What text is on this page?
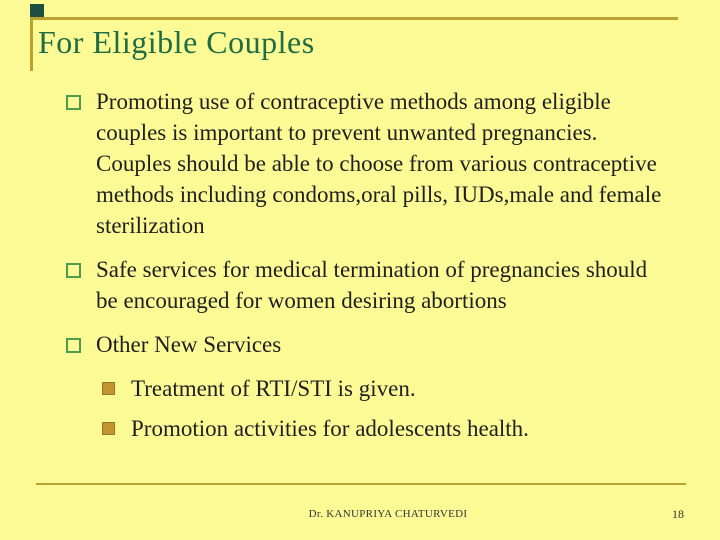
For Eligible Couples
Promoting use of contraceptive methods among eligible couples is important to prevent unwanted pregnancies. Couples should be able to choose from various contraceptive methods including condoms,oral pills, IUDs,male and female sterilization
Safe services for medical termination of pregnancies should be encouraged for women desiring abortions
Other New Services
Treatment of RTI/STI is given.
Promotion activities for adolescents health.
Dr. KANUPRIYA CHATURVEDI	18
